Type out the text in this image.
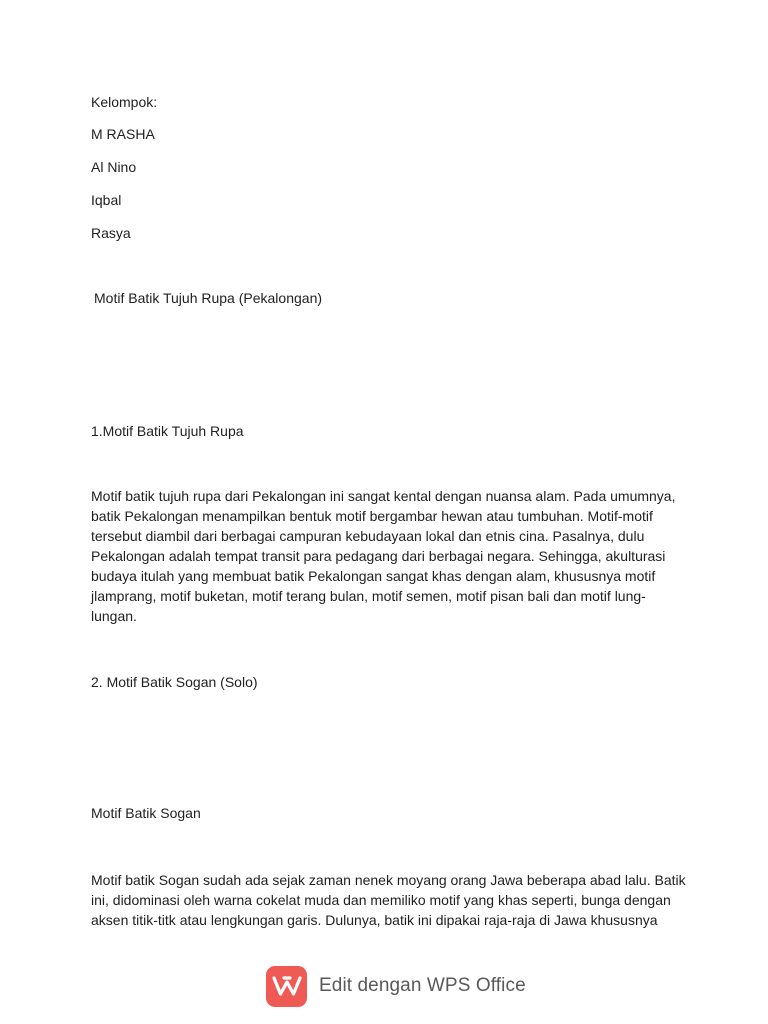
Kelompok:
M RASHA
Al Nino
Iqbal
Rasya
Motif Batik Tujuh Rupa (Pekalongan)
1.Motif Batik Tujuh Rupa
Motif batik tujuh rupa dari Pekalongan ini sangat kental dengan nuansa alam. Pada umumnya,
batik Pekalongan menampilkan bentuk motif bergambar hewan atau tumbuhan. Motif-motif
tersebut diambil dari berbagai campuran kebudayaan lokal dan etnis cina. Pasalnya, dulu
Pekalongan adalah tempat transit para pedagang dari berbagai negara. Sehingga, akulturasi
budaya itulah yang membuat batik Pekalongan sangat khas dengan alam, khususnya motif
jlamprang, motif buketan, motif terang bulan, motif semen, motif pisan bali dan motif lung-
lungan.
2. Motif Batik Sogan (Solo)
Motif Batik Sogan
Motif batik Sogan sudah ada sejak zaman nenek moyang orang Jawa beberapa abad lalu. Batik
ini, didominasi oleh warna cokelat muda dan memiliko motif yang khas seperti, bunga dengan
aksen titik-titk atau lengkungan garis. Dulunya, batik ini dipakai raja-raja di Jawa khususnya
Edit dengan WPS Office
